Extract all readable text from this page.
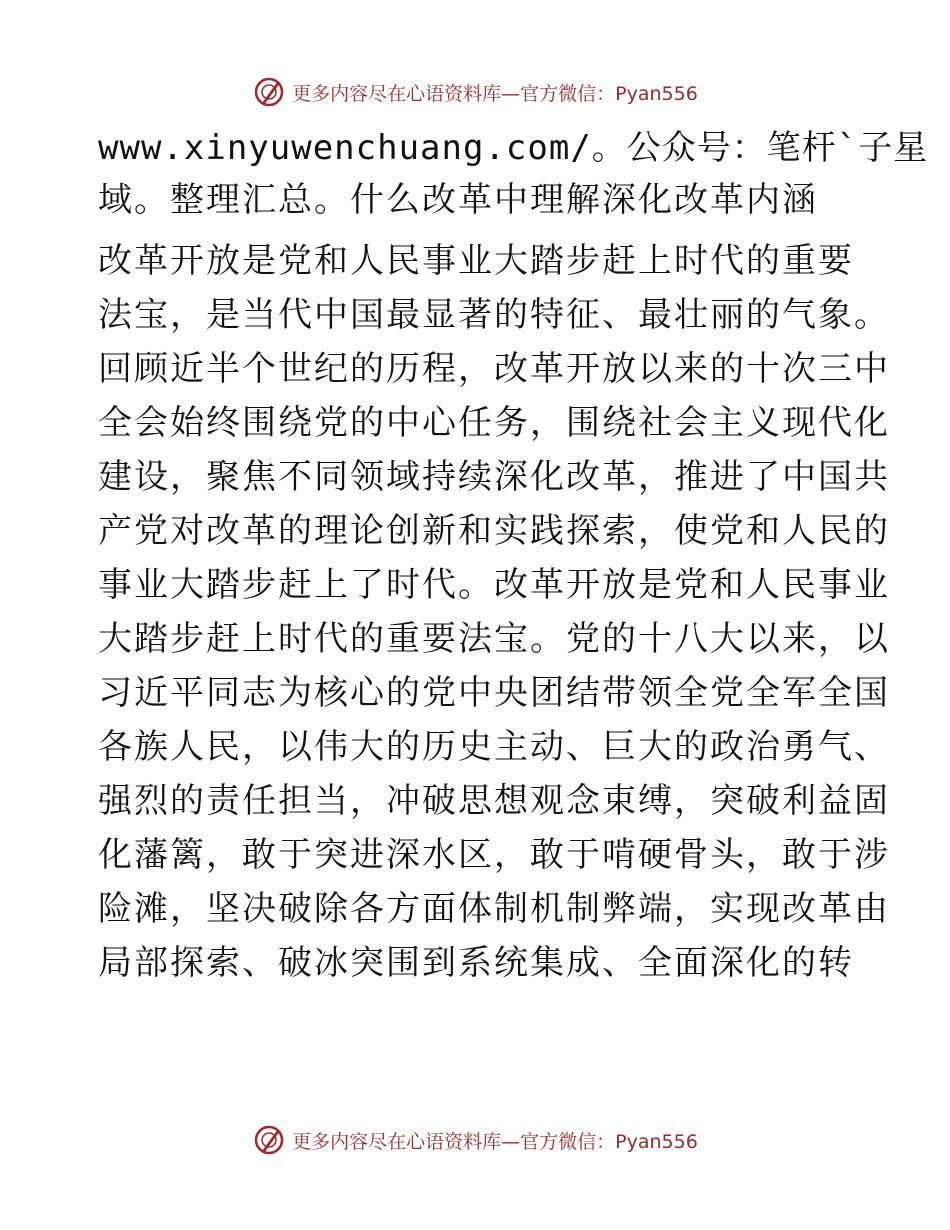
更多内容尽在心语资料库—官方微信：Pyan556
www.xinyuwenchuang.com/。公众号：笔杆`子星
域。整理汇总。什么改革中理解深化改革内涵
改革开放是党和人民事业大踏步赶上时代的重要
法宝，是当代中国最显著的特征、最壮丽的气象。
回顾近半个世纪的历程，改革开放以来的十次三中
全会始终围绕党的中心任务，围绕社会主义现代化
建设，聚焦不同领域持续深化改革，推进了中国共
产党对改革的理论创新和实践探索，使党和人民的
事业大踏步赶上了时代。改革开放是党和人民事业
大踏步赶上时代的重要法宝。党的十八大以来，以
习近平同志为核心的党中央团结带领全党全军全国
各族人民，以伟大的历史主动、巨大的政治勇气、
强烈的责任担当，冲破思想观念束缚，突破利益固
化藩篱，敢于突进深水区，敢于啃硬骨头，敢于涉
险滩，坚决破除各方面体制机制弊端，实现改革由
局部探索、破冰突围到系统集成、全面深化的转
更多内容尽在心语资料库—官方微信：Pyan556
